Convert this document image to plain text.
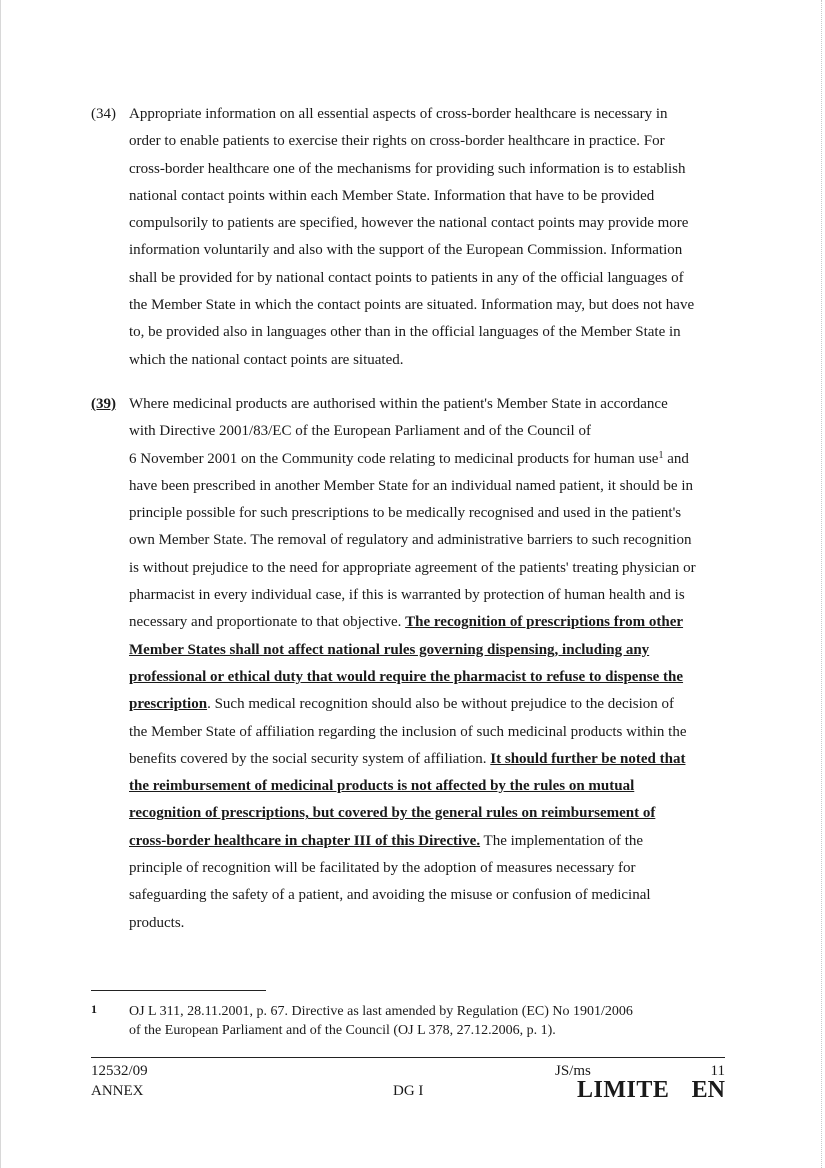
(34) Appropriate information on all essential aspects of cross-border healthcare is necessary in
order to enable patients to exercise their rights on cross-border healthcare in practice. For
cross-border healthcare one of the mechanisms for providing such information is to establish
national contact points within each Member State. Information that have to be provided
compulsorily to patients are specified, however the national contact points may provide more
information voluntarily and also with the support of the European Commission. Information
shall be provided for by national contact points to patients in any of the official languages of
the Member State in which the contact points are situated. Information may, but does not have
to, be provided also in languages other than in the official languages of the Member State in
which the national contact points are situated.
(39) Where medicinal products are authorised within the patient's Member State in accordance
with Directive 2001/83/EC of the European Parliament and of the Council of
6 November 2001 on the Community code relating to medicinal products for human use$^1$ and
have been prescribed in another Member State for an individual named patient, it should be in
principle possible for such prescriptions to be medically recognised and used in the patient's
own Member State. The removal of regulatory and administrative barriers to such recognition
is without prejudice to the need for appropriate agreement of the patients' treating physician or
pharmacist in every individual case, if this is warranted by protection of human health and is
necessary and proportionate to that objective. The recognition of prescriptions from other
Member States shall not affect national rules governing dispensing, including any
professional or ethical duty that would require the pharmacist to refuse to dispense the
prescription. Such medical recognition should also be without prejudice to the decision of
the Member State of affiliation regarding the inclusion of such medicinal products within the
benefits covered by the social security system of affiliation. It should further be noted that
the reimbursement of medicinal products is not affected by the rules on mutual
recognition of prescriptions, but covered by the general rules on reimbursement of
cross-border healthcare in chapter III of this Directive. The implementation of the
principle of recognition will be facilitated by the adoption of measures necessary for
safeguarding the safety of a patient, and avoiding the misuse or confusion of medicinal
products.
1 OJ L 311, 28.11.2001, p. 67. Directive as last amended by Regulation (EC) No 1901/2006
of the European Parliament and of the Council (OJ L 378, 27.12.2006, p. 1).
12532/09
ANNEX	DG I
JS/ms	11
LIMITE EN
